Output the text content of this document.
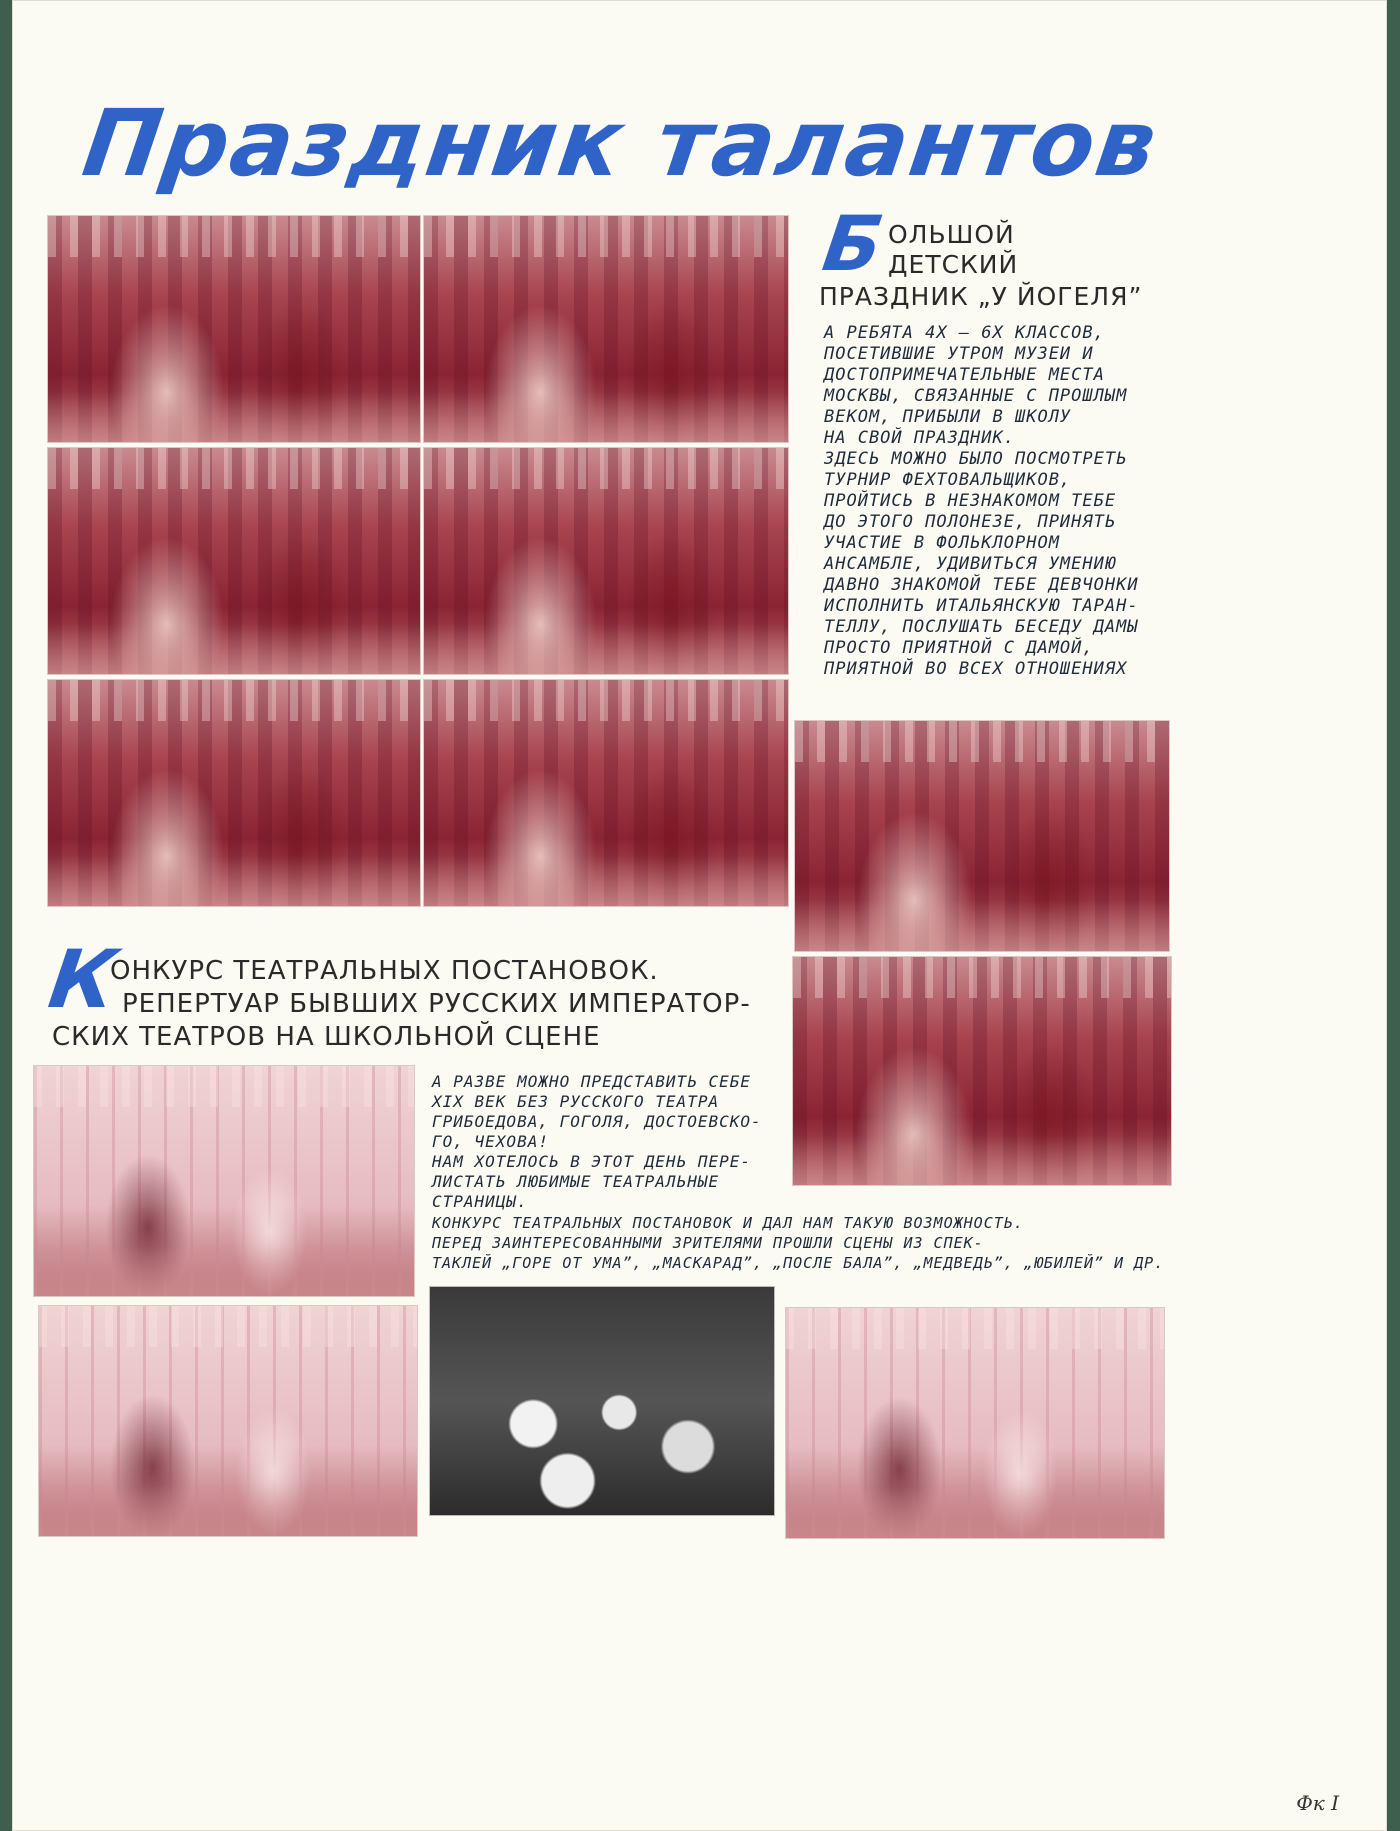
Праздник талантов
Б ОЛЬШОЙ
ДЕТСКИЙ
ПРАЗДНИК „У ЙОГЕЛЯ”
А РЕБЯТА 4Х – 6Х КЛАССОВ,
ПОСЕТИВШИЕ УТРОМ МУЗЕИ И
ДОСТОПРИМЕЧАТЕЛЬНЫЕ МЕСТА
МОСКВЫ, СВЯЗАННЫЕ С ПРОШЛЫМ
ВЕКОМ, ПРИБЫЛИ В ШКОЛУ
НА СВОЙ ПРАЗДНИК.
ЗДЕСЬ МОЖНО БЫЛО ПОСМОТРЕТЬ
ТУРНИР ФЕХТОВАЛЬЩИКОВ,
ПРОЙТИСЬ В НЕЗНАКОМОМ ТЕБЕ
ДО ЭТОГО ПОЛОНЕЗЕ, ПРИНЯТЬ
УЧАСТИЕ В ФОЛЬКЛОРНОМ
АНСАМБЛЕ, УДИВИТЬСЯ УМЕНИЮ
ДАВНО ЗНАКОМОЙ ТЕБЕ ДЕВЧОНКИ
ИСПОЛНИТЬ ИТАЛЬЯНСКУЮ ТАРАН-
ТЕЛЛУ, ПОСЛУШАТЬ БЕСЕДУ ДАМЫ
ПРОСТО ПРИЯТНОЙ С ДАМОЙ,
ПРИЯТНОЙ ВО ВСЕХ ОТНОШЕНИЯХ
К
ОНКУРС ТЕАТРАЛЬНЫХ ПОСТАНОВОК.
РЕПЕРТУАР БЫВШИХ РУССКИХ ИМПЕРАТОР-
СКИХ ТЕАТРОВ НА ШКОЛЬНОЙ СЦЕНЕ
А РАЗВЕ МОЖНО ПРЕДСТАВИТЬ СЕБЕ
XIX ВЕК БЕЗ РУССКОГО ТЕАТРА
ГРИБОЕДОВА, ГОГОЛЯ, ДОСТОЕВСКО-
ГО, ЧЕХОВА!
НАМ ХОТЕЛОСЬ В ЭТОТ ДЕНЬ ПЕРЕ-
ЛИСТАТЬ ЛЮБИМЫЕ ТЕАТРАЛЬНЫЕ
СТРАНИЦЫ.
КОНКУРС ТЕАТРАЛЬНЫХ ПОСТАНОВОК И ДАЛ НАМ ТАКУЮ ВОЗМОЖНОСТЬ.
ПЕРЕД ЗАИНТЕРЕСОВАННЫМИ ЗРИТЕЛЯМИ ПРОШЛИ СЦЕНЫ ИЗ СПЕК-
ТАКЛЕЙ „ГОРЕ ОТ УМА”, „МАСКАРАД”, „ПОСЛЕ БАЛА”, „МЕДВЕДЬ”, „ЮБИЛЕЙ” И ДР.
Фк I
